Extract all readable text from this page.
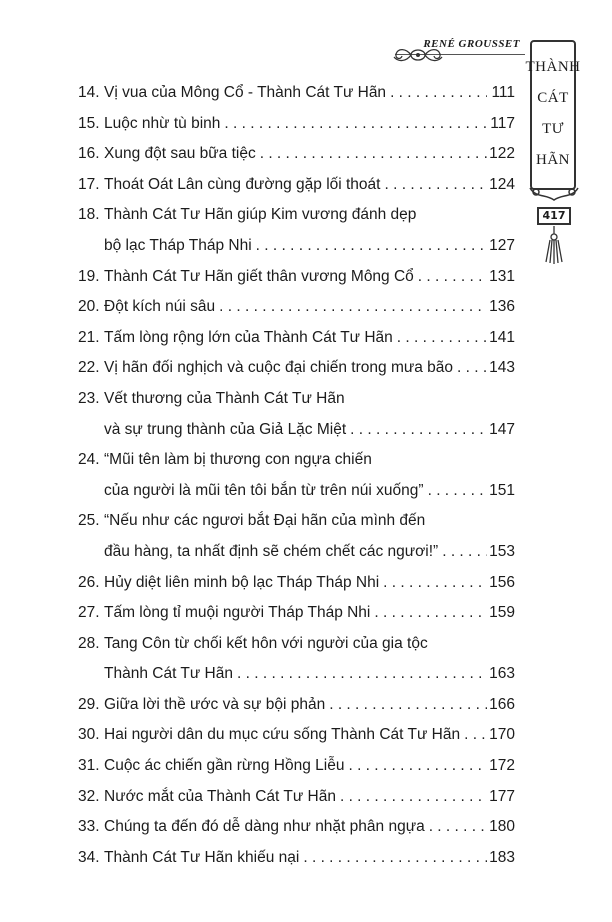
RENÉ GROUSSET
THÀNH
CÁT
TƯ
HÃN
417
14. Vị vua của Mông Cổ - Thành Cát Tư Hãn . . .	111
15. Luộc nhừ tù binh . . .	117
16. Xung đột sau bữa tiệc . . .	122
17. Thoát Oát Lân cùng đường gặp lối thoát . . .	124
18. Thành Cát Tư Hãn giúp Kim vương đánh dẹp
bộ lạc Tháp Tháp Nhi . . .	127
19. Thành Cát Tư Hãn giết thân vương Mông Cổ . . .	131
20. Đột kích núi sâu . . .	136
21. Tấm lòng rộng lớn của Thành Cát Tư Hãn . . .	141
22. Vị hãn đối nghịch và cuộc đại chiến trong mưa bão . . . 143
23. Vết thương của Thành Cát Tư Hãn
và sự trung thành của Giả Lặc Miệt . . .	147
24. “Mũi tên làm bị thương con ngựa chiến
của người là mũi tên tôi bắn từ trên núi xuống” . . .	151
25. “Nếu như các ngươi bắt Đại hãn của mình đến
đầu hàng, ta nhất định sẽ chém chết các ngươi!” . . .	153
26. Hủy diệt liên minh bộ lạc Tháp Tháp Nhi . . .	156
27. Tấm lòng tỉ muội người Tháp Tháp Nhi . . .	159
28. Tang Côn từ chối kết hôn với người của gia tộc
Thành Cát Tư Hãn . . .	163
29. Giữa lời thề ước và sự bội phản . . .	166
30. Hai người dân du mục cứu sống Thành Cát Tư Hãn . . . 170
31. Cuộc ác chiến gần rừng Hồng Liễu . . .	172
32. Nước mắt của Thành Cát Tư Hãn . . .	177
33. Chúng ta đến đó dễ dàng như nhặt phân ngựa . . .	180
34. Thành Cát Tư Hãn khiếu nại . . .	183
